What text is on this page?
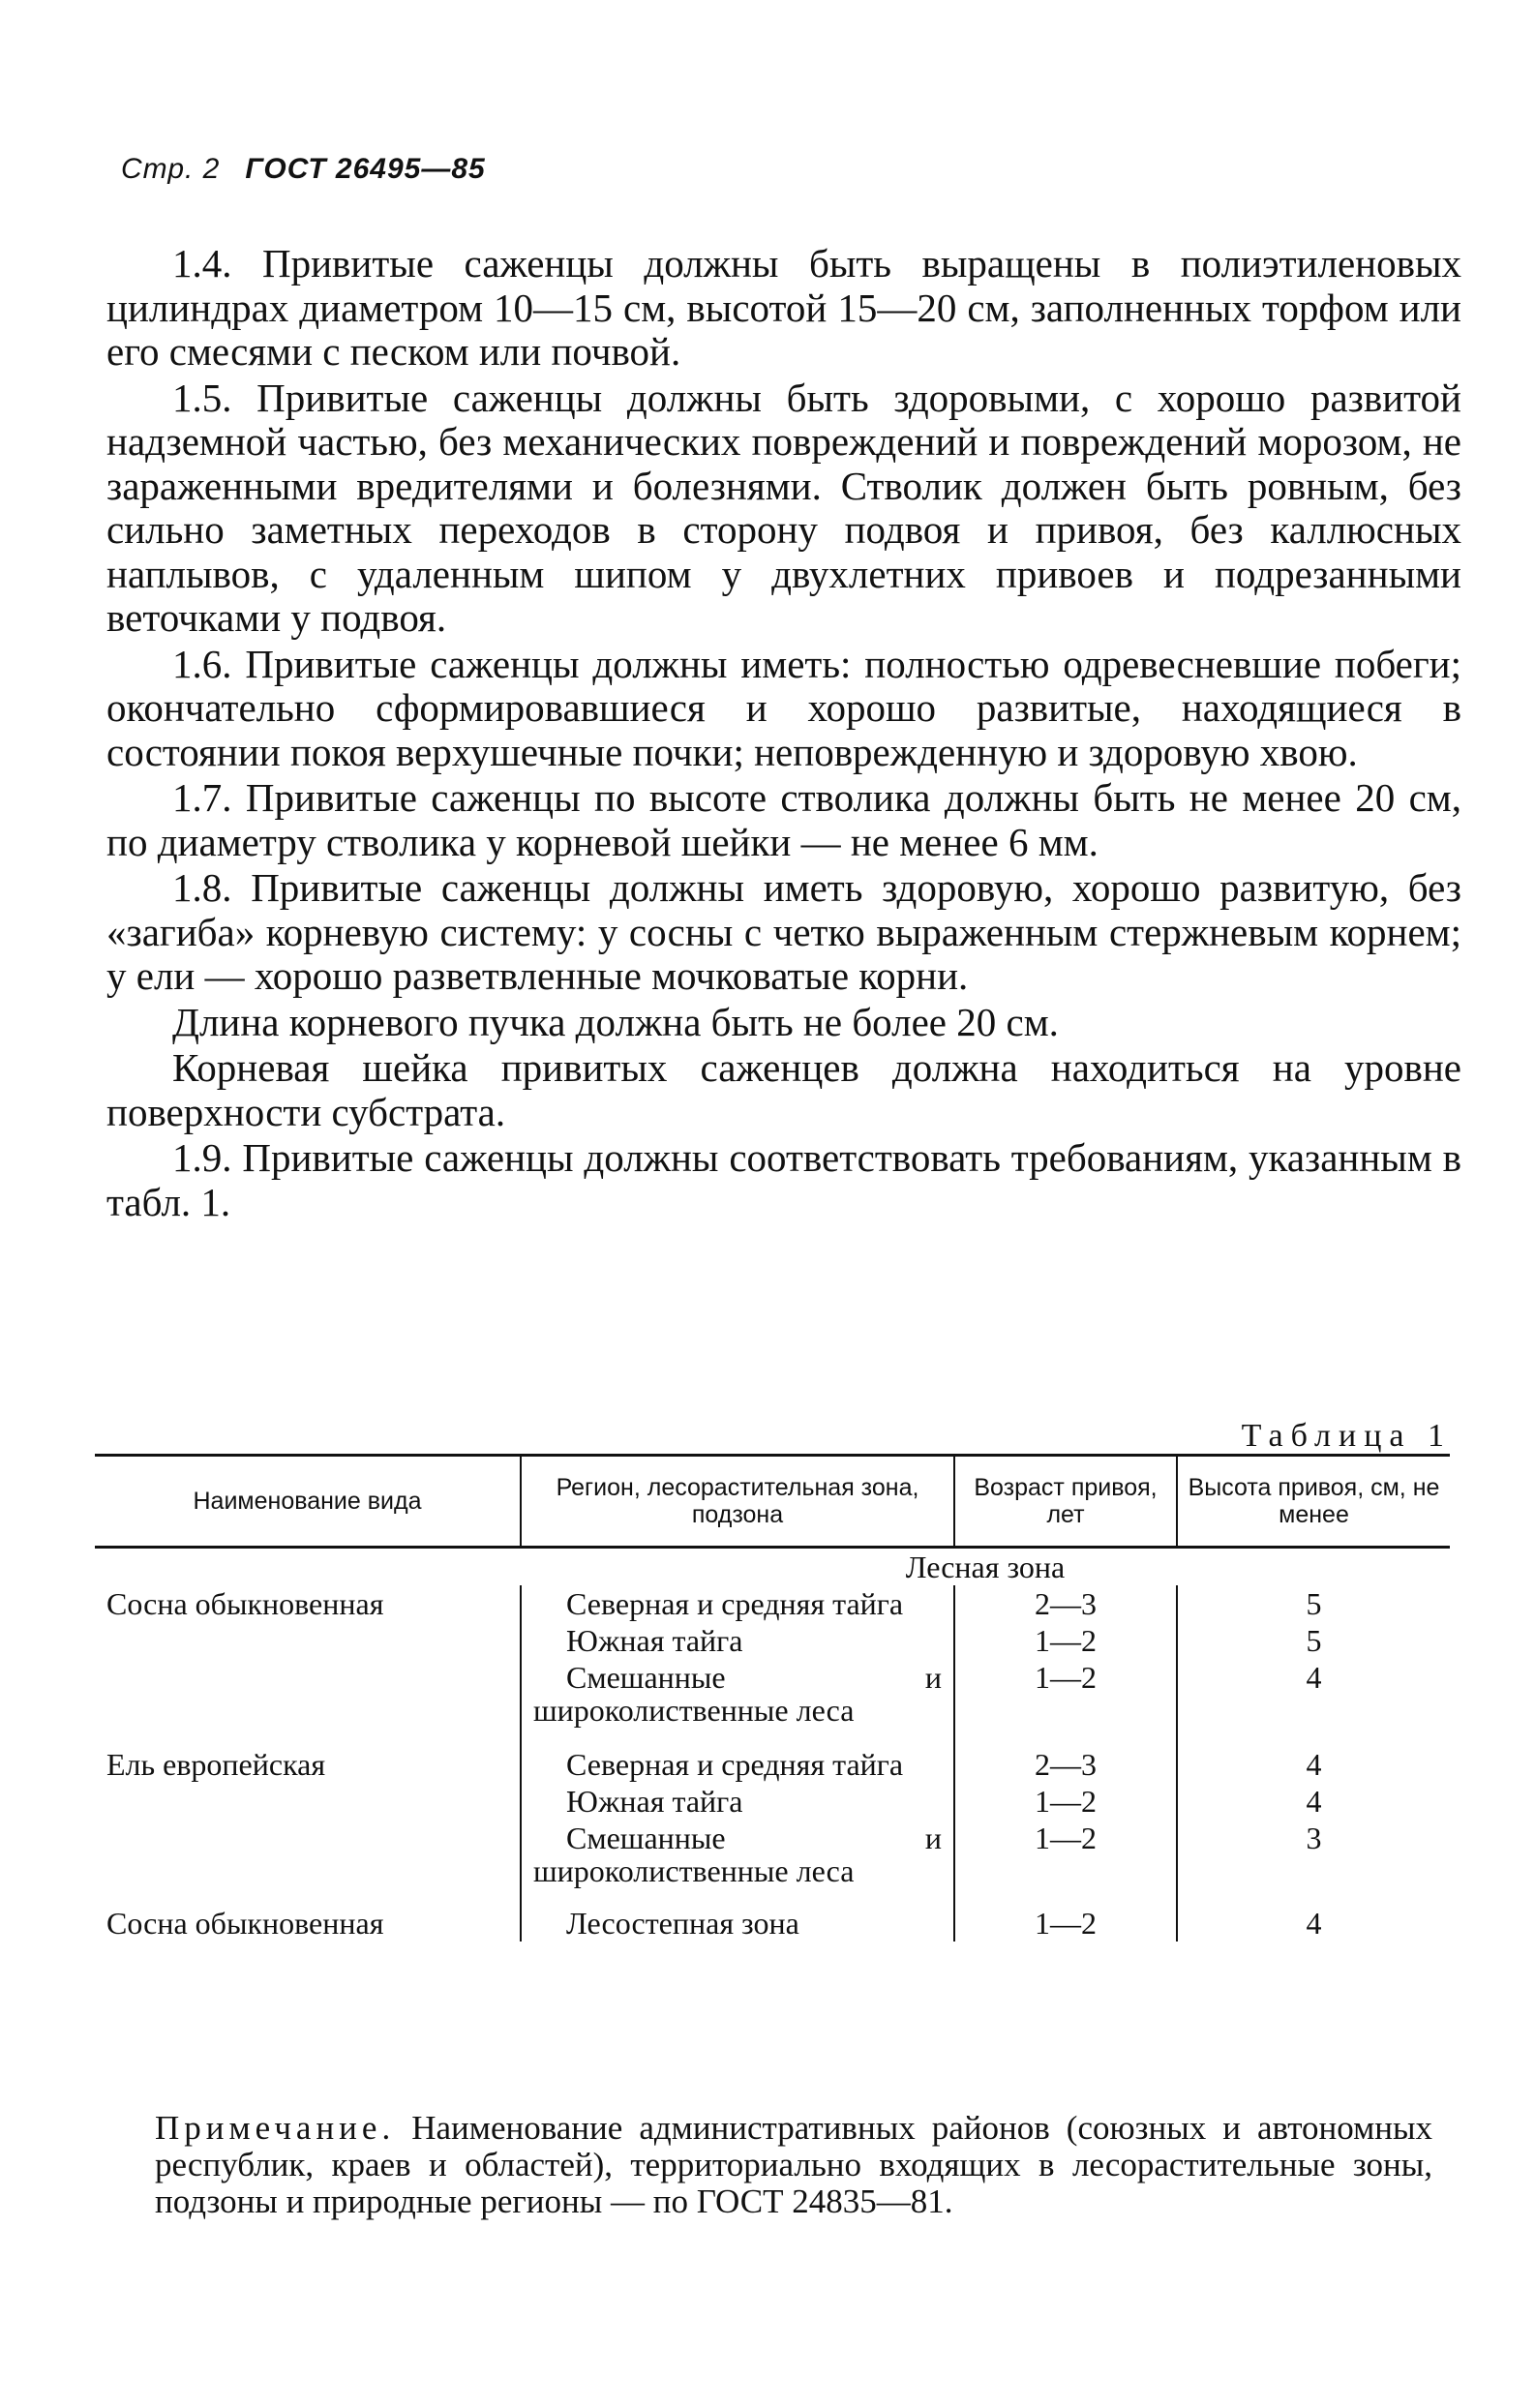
Стр. 2 ГОСТ 26495—85

1.4. Привитые саженцы должны быть выращены в полиэтиленовых цилиндрах диаметром 10—15 см, высотой 15—20 см, заполненных торфом или его смесями с песком или почвой.

1.5. Привитые саженцы должны быть здоровыми, с хорошо развитой надземной частью, без механических повреждений и повреждений морозом, не зараженными вредителями и болезнями. Стволик должен быть ровным, без сильно заметных переходов в сторону подвоя и привоя, без каллюсных наплывов, с удаленным шипом у двухлетних привоев и подрезанными веточками у подвоя.

1.6. Привитые саженцы должны иметь: полностью одревесневшие побеги; окончательно сформировавшиеся и хорошо развитые, находящиеся в состоянии покоя верхушечные почки; неповрежденную и здоровую хвою.

1.7. Привитые саженцы по высоте стволика должны быть не менее 20 см, по диаметру стволика у корневой шейки — не менее 6 мм.

1.8. Привитые саженцы должны иметь здоровую, хорошо развитую, без «загиба» корневую систему: у сосны с четко выраженным стержневым корнем; у ели — хорошо разветвленные мочковатые корни.

Длина корневого пучка должна быть не более 20 см.

Корневая шейка привитых саженцев должна находиться на уровне поверхности субстрата.

1.9. Привитые саженцы должны соответствовать требованиям, указанным в табл. 1.

Таблица 1
Наименование вида	Регион, лесорастительная зона, подзона	Возраст привоя, лет	Высота привоя, см, не менее
	Лесная зона		
Сосна обыкновенная	Северная и средняя тайга	2—3	5
	Южная тайга	1—2	5
	Смешанные и широколиственные леса	1—2	4
Ель европейская	Северная и средняя тайга	2—3	4
	Южная тайга	1—2	4
	Смешанные и широколиственные леса	1—2	3
Сосна обыкновенная	Лесостепная зона	1—2	4
Примечание. Наименование административных районов (союзных и автономных республик, краев и областей), территориально входящих в лесорастительные зоны, подзоны и природные регионы — по ГОСТ 24835—81.
